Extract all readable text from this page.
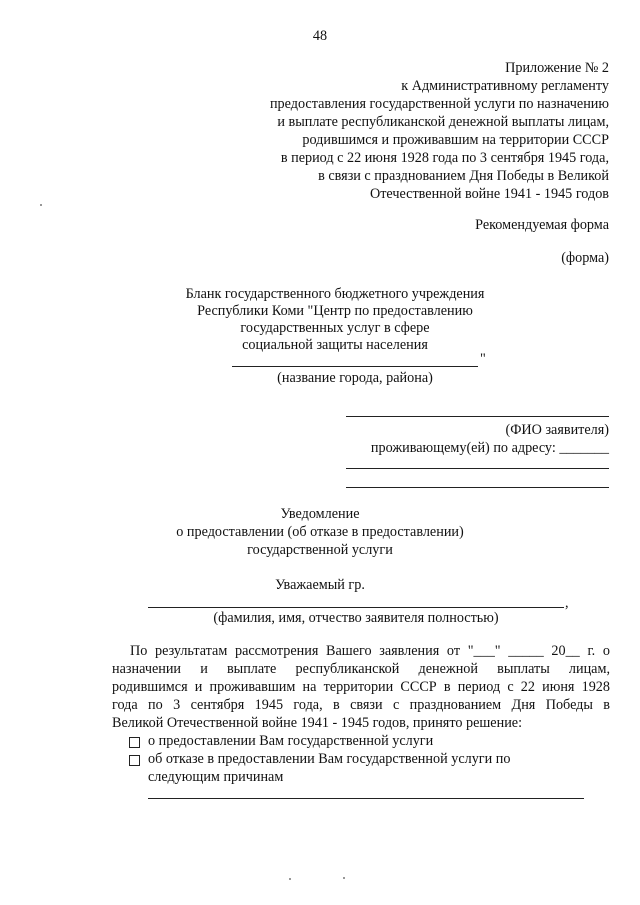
48
Приложение № 2
к Административному регламенту
предоставления государственной услуги по назначению
и выплате республиканской денежной выплаты лицам,
родившимся и проживавшим на территории СССР
в период с 22 июня 1928 года по 3 сентября 1945 года,
в связи с празднованием Дня Победы в Великой
Отечественной войне 1941 - 1945 годов
Рекомендуемая форма
(форма)
Бланк государственного бюджетного учреждения
Республики Коми "Центр по предоставлению
государственных услуг в сфере
социальной защиты населения
"
(название города, района)
(ФИО заявителя)
проживающему(ей) по адресу: _______
Уведомление
о предоставлении (об отказе в предоставлении)
государственной услуги
Уважаемый гр.
,
(фамилия, имя, отчество заявителя полностью)
По результатам рассмотрения Вашего заявления от "___" _____ 20__ г. о
назначении и выплате республиканской денежной выплаты лицам,
родившимся и проживавшим на территории СССР в период с 22 июня 1928
года по 3 сентября 1945 года, в связи с празднованием Дня Победы в
Великой Отечественной войне 1941 - 1945 годов, принято решение:
о предоставлении Вам государственной услуги
об отказе в предоставлении Вам государственной услуги по
следующим причинам
